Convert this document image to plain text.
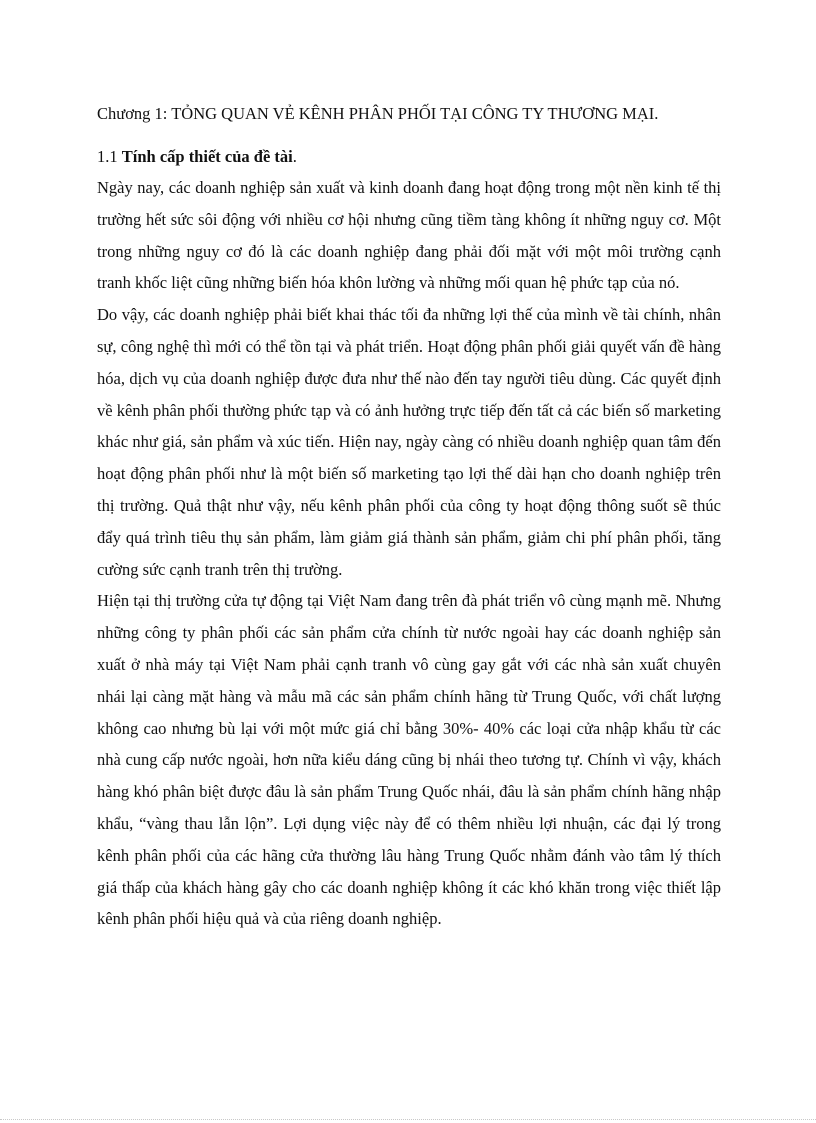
Chương 1: TỎNG QUAN VẺ KÊNH PHÂN PHỐI TẠI CÔNG TY THƯƠNG MẠI.
1.1 Tính cấp thiết của đề tài.

Ngày nay, các doanh nghiệp sản xuất và kinh doanh đang hoạt động trong một nền kinh tế thị trường hết sức sôi động với nhiều cơ hội nhưng cũng tiềm tàng không ít những nguy cơ. Một trong những nguy cơ đó là các doanh nghiệp đang phải đối mặt với một môi trường cạnh tranh khốc liệt cũng những biến hóa khôn lường và những mối quan hệ phức tạp của nó.

Do vậy, các doanh nghiệp phải biết khai thác tối đa những lợi thế của mình về tài chính, nhân sự, công nghệ thì mới có thể tồn tại và phát triển. Hoạt động phân phối giải quyết vấn đề hàng hóa, dịch vụ của doanh nghiệp được đưa như thế nào đến tay người tiêu dùng. Các quyết định về kênh phân phối thường phức tạp và có ảnh hưởng trực tiếp đến tất cả các biến số marketing khác như giá, sản phẩm và xúc tiến. Hiện nay, ngày càng có nhiều doanh nghiệp quan tâm đến hoạt động phân phối như là một biến số marketing tạo lợi thế dài hạn cho doanh nghiệp trên thị trường. Quả thật như vậy, nếu kênh phân phối của công ty hoạt động thông suốt sẽ thúc đẩy quá trình tiêu thụ sản phẩm, làm giảm giá thành sản phẩm, giảm chi phí phân phối, tăng cường sức cạnh tranh trên thị trường.

Hiện tại thị trường cửa tự động tại Việt Nam đang trên đà phát triển vô cùng mạnh mẽ. Nhưng những công ty phân phối các sản phẩm cửa chính từ nước ngoài hay các doanh nghiệp sản xuất ở nhà máy tại Việt Nam phải cạnh tranh vô cùng gay gắt với các nhà sản xuất chuyên nhái lại càng mặt hàng và mẫu mã các sản phẩm chính hãng từ Trung Quốc, với chất lượng không cao nhưng bù lại với một mức giá chỉ bằng 30%- 40% các loại cửa nhập khẩu từ các nhà cung cấp nước ngoài, hơn nữa kiểu dáng cũng bị nhái theo tương tự. Chính vì vậy, khách hàng khó phân biệt được đâu là sản phẩm Trung Quốc nhái, đâu là sản phẩm chính hãng nhập khẩu, “vàng thau lẫn lộn”. Lợi dụng việc này để có thêm nhiều lợi nhuận, các đại lý trong kênh phân phối của các hãng cửa thường lâu hàng Trung Quốc nhằm đánh vào tâm lý thích giá thấp của khách hàng gây cho các doanh nghiệp không ít các khó khăn trong việc thiết lập kênh phân phối hiệu quả và của riêng doanh nghiệp.
